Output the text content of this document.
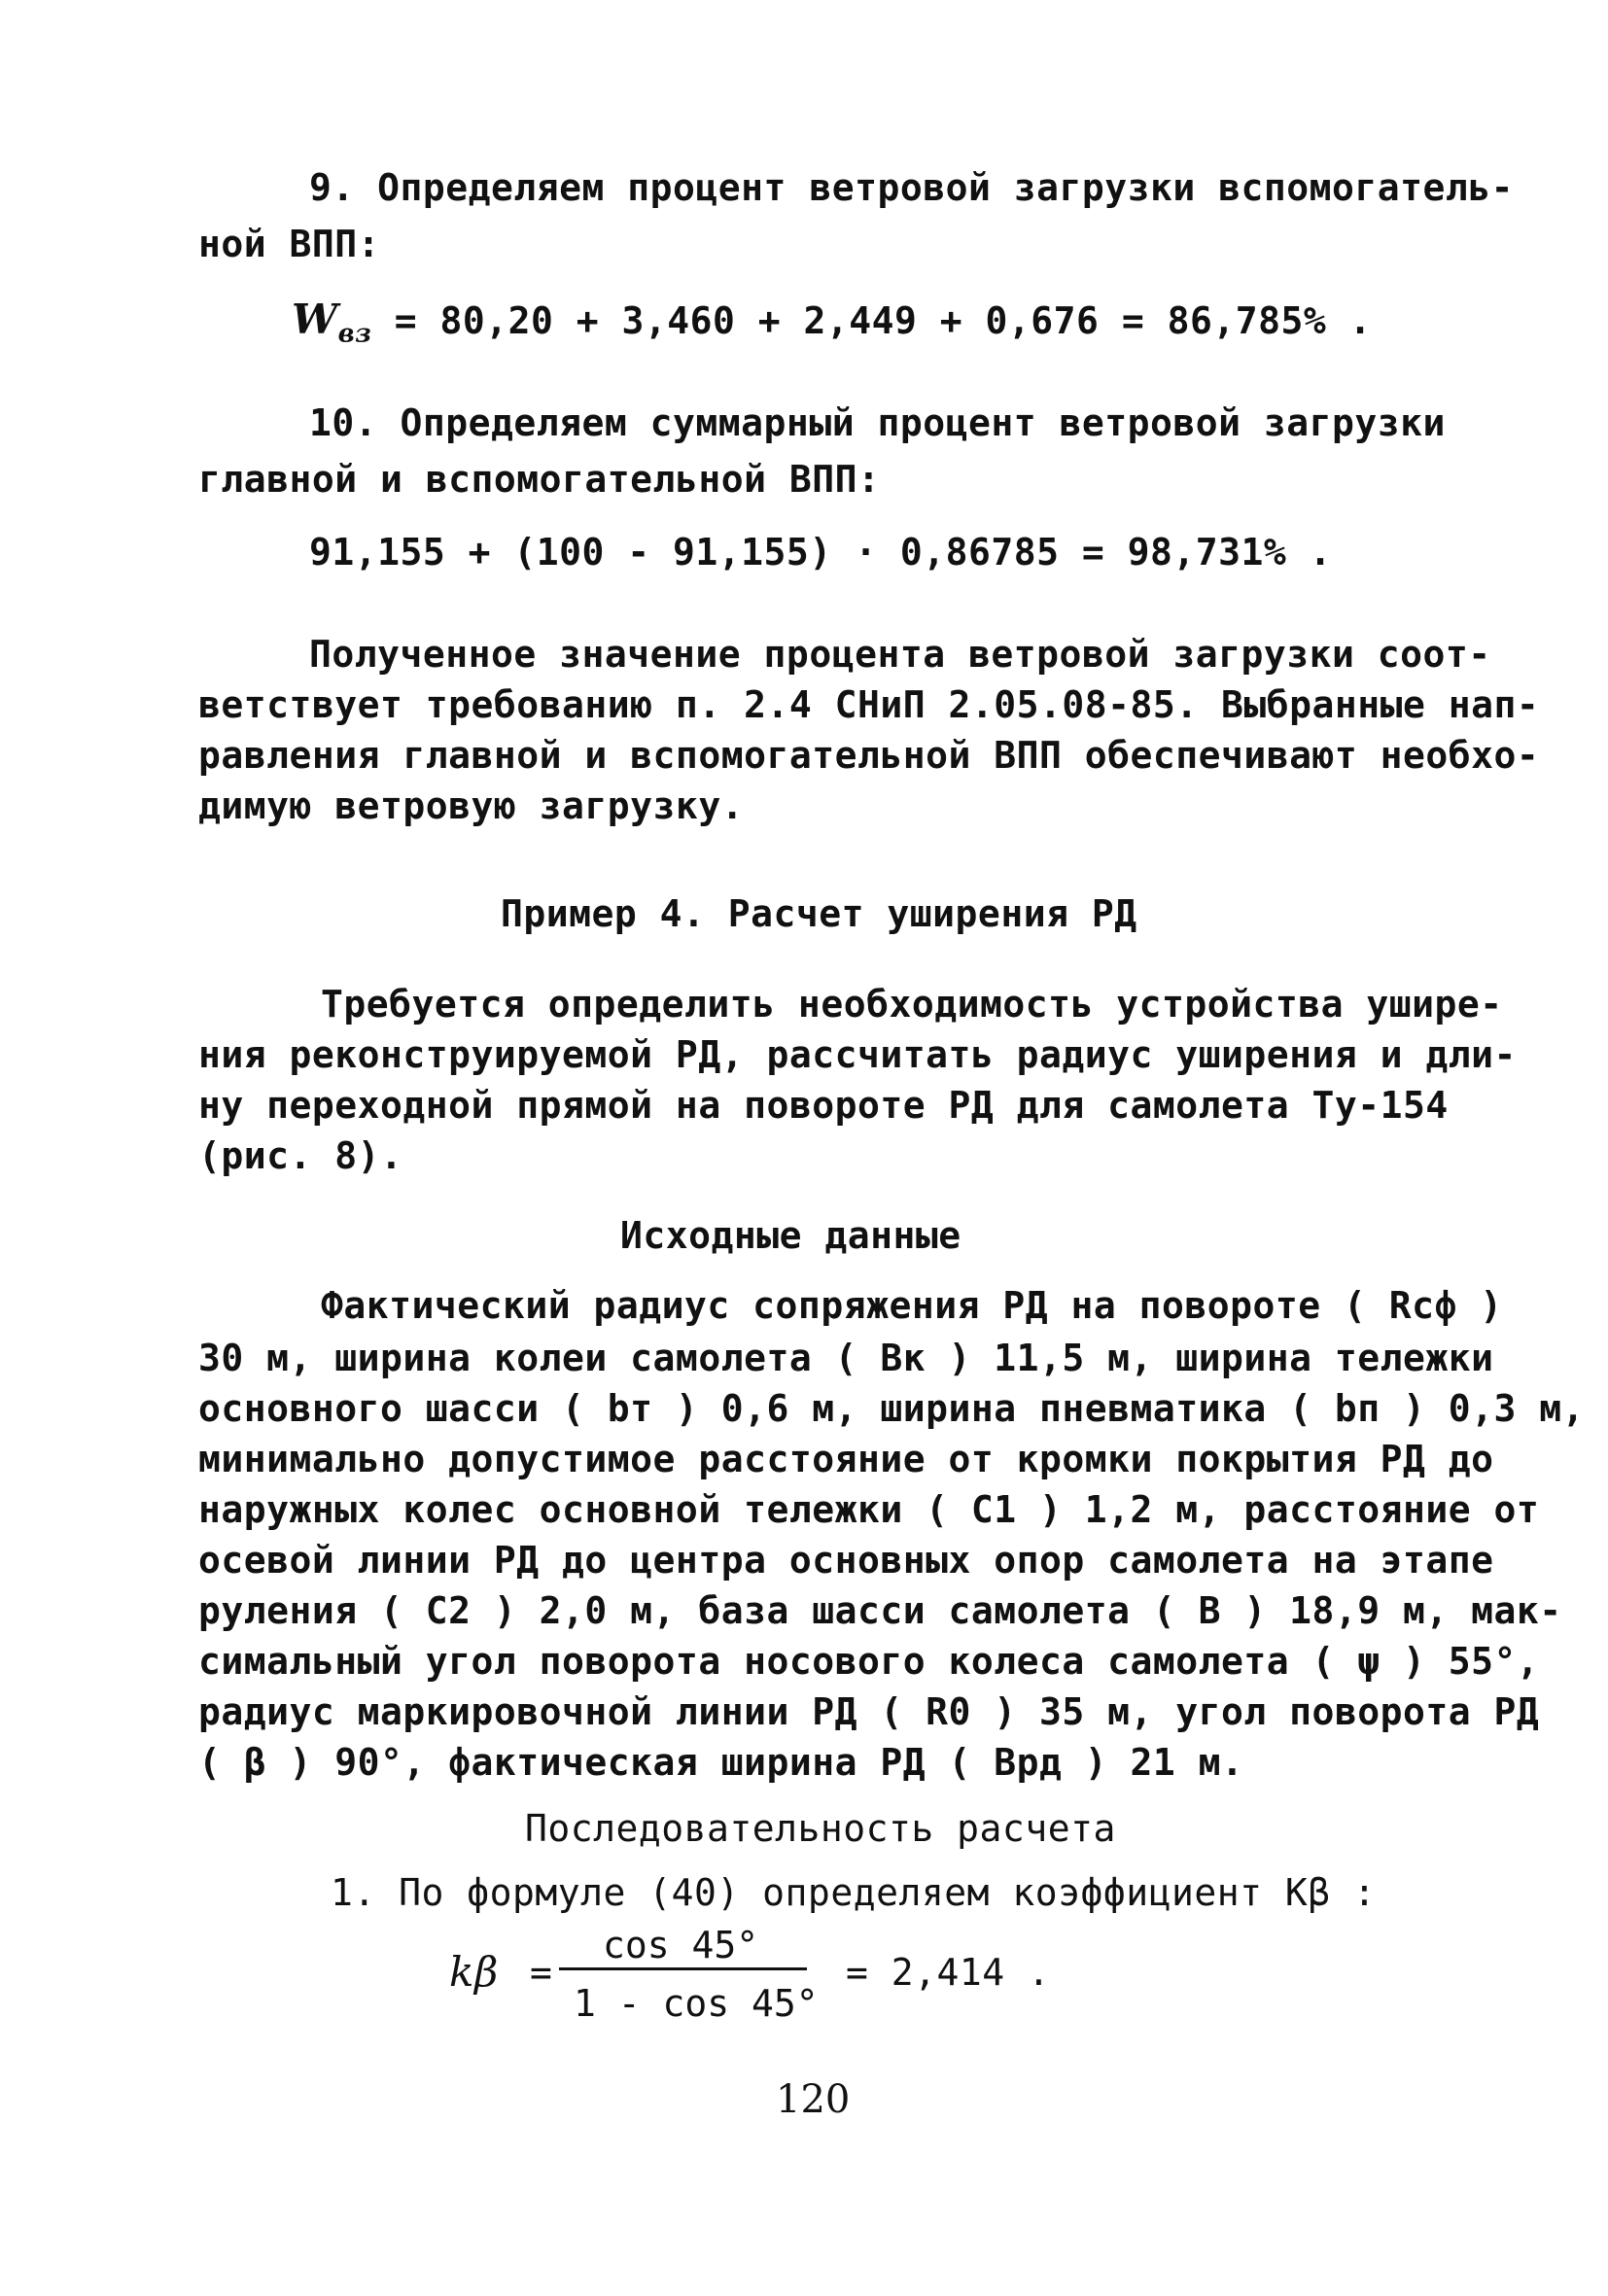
9. Определяем процент ветровой загрузки вспомогатель-
ной ВПП:
$W_{вз} = 80,20 + 3,460 + 2,449 + 0,676 = 86,785\%$ .
10. Определяем суммарный процент ветровой загрузки
главной и вспомогательной ВПП:
91,155 + (100 - 91,155) · 0,86785 = 98,731% .
Полученное значение процента ветровой загрузки соот-
ветствует требованию п. 2.4 СНиП 2.05.08-85. Выбранные нап-
равления главной и вспомогательной ВПП обеспечивают необхо-
димую ветровую загрузку.
Пример 4. Расчет уширения РД
Требуется определить необходимость устройства уширe-
ния реконструируемой РД, рассчитать радиус уширения и дли-
ну переходной прямой на повороте РД для самолета Ту-154
(рис. 8).
Исходные данные
Фактический радиус сопряжения РД на повороте ( Rcф )
30 м, ширина колеи самолета ( Bк ) 11,5 м, ширина тележки
основного шасси ( bт ) 0,6 м, ширина пневматика ( bп ) 0,3 м,
минимально допустимое расстояние от кромки покрытия РД до
наружных колес основной тележки ( C1 ) 1,2 м, расстояние от
осевой линии РД до центра основных опор самолета на этапе
руления ( C2 ) 2,0 м, база шасси самолета ( B ) 18,9 м, мак-
симальный угол поворота носового колеса самолета ( ψ ) 55°,
радиус маркировочной линии РД ( R0 ) 35 м, угол поворота РД
( β ) 90°, фактическая ширина РД ( Bрд ) 21 м.
Последовательность расчета
1. По формуле (40) определяем коэффициент Kβ :
kβ =
cos 45°
1 - cos 45°
= 2,414 .
120
